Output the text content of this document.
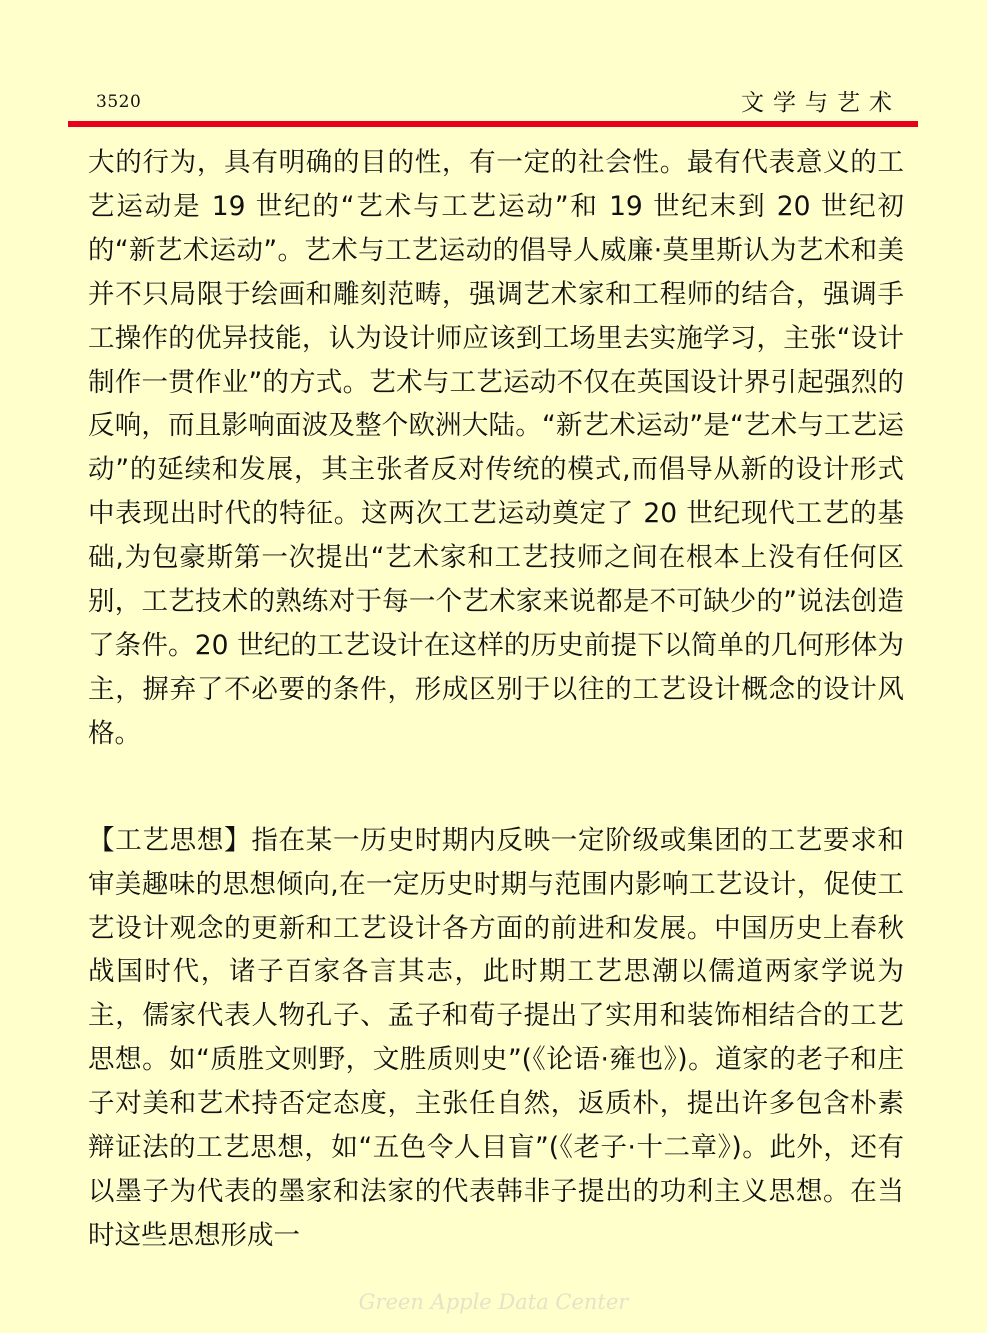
3520	文学与艺术

大的行为，具有明确的目的性，有一定的社会性。最有代表意义的工艺运动是 19 世纪的“艺术与工艺运动”和 19 世纪末到 20 世纪初的“新艺术运动”。艺术与工艺运动的倡导人威廉·莫里斯认为艺术和美并不只局限于绘画和雕刻范畴，强调艺术家和工程师的结合，强调手工操作的优异技能，认为设计师应该到工场里去实施学习，主张“设计制作一贯作业”的方式。艺术与工艺运动不仅在英国设计界引起强烈的反响，而且影响面波及整个欧洲大陆。“新艺术运动”是“艺术与工艺运动”的延续和发展，其主张者反对传统的模式,而倡导从新的设计形式中表现出时代的特征。这两次工艺运动奠定了 20 世纪现代工艺的基础,为包豪斯第一次提出“艺术家和工艺技师之间在根本上没有任何区别，工艺技术的熟练对于每一个艺术家来说都是不可缺少的”说法创造了条件。20 世纪的工艺设计在这样的历史前提下以简单的几何形体为主，摒弃了不必要的条件，形成区别于以往的工艺设计概念的设计风格。

【工艺思想】指在某一历史时期内反映一定阶级或集团的工艺要求和审美趣味的思想倾向,在一定历史时期与范围内影响工艺设计，促使工艺设计观念的更新和工艺设计各方面的前进和发展。中国历史上春秋战国时代，诸子百家各言其志，此时期工艺思潮以儒道两家学说为主，儒家代表人物孔子、孟子和荀子提出了实用和装饰相结合的工艺思想。如“质胜文则野，文胜质则史”(《论语·雍也》)。道家的老子和庄子对美和艺术持否定态度，主张任自然，返质朴，提出许多包含朴素辩证法的工艺思想，如“五色令人目盲”(《老子·十二章》)。此外，还有以墨子为代表的墨家和法家的代表韩非子提出的功利主义思想。在当时这些思想形成一

Green Apple Data Center
